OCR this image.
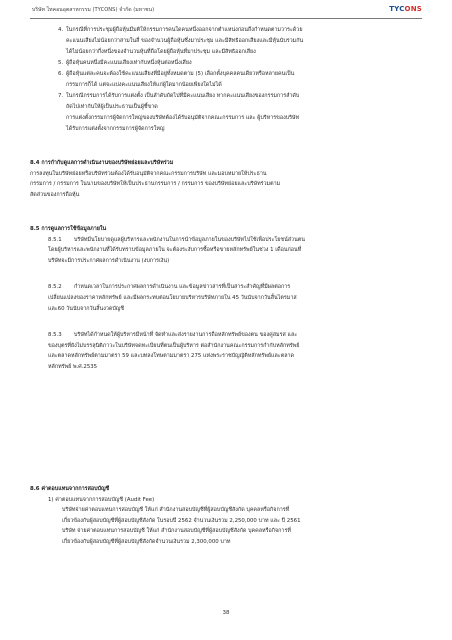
บริษัท ไทคอนอุตสาหกรรม (TYCONS) จำกัด (มหาชน)	TYCONS
4. ในกรณีที่การประชุมผู้ถือหุ้นมีมติให้กรรมการคนใดคนหนึ่งออกจากตำแหน่งก่อนถึงกำหนดตามวาระด้วย
คะแนนเสียงไม่น้อยกว่าสามในสี่ ของจำนวนผู้ถือหุ้นซึ่งมาประชุม และมีสิทธิออกเสียงและมีหุ้นนับรวมกัน
ได้ไม่น้อยกว่ากึ่งหนึ่งของจำนวนหุ้นที่ถือโดยผู้ถือหุ้นที่มาประชุม และมีสิทธิออกเสียง
5. ผู้ถือหุ้นคนหนึ่งมีคะแนนเสียงเท่ากับหนึ่งหุ้นต่อหนึ่งเสียง
6. ผู้ถือหุ้นแต่ละคนจะต้องใช้คะแนนเสียงที่มีอยู่ทั้งหมดตาม (5) เลือกตั้งบุคคลคนเดียวหรือหลายคนเป็น
กรรมการก็ได้ แต่จะแบ่งคะแนนเสียงให้แก่ผู้ใดมากน้อยเพียงใดไม่ได้
7. ในกรณีกรรมการได้รับการแต่งตั้ง เป็นลำดับถัดไปที่มีคะแนนเสียง หากคะแนนเสียงของกรรมการลำดับ
ถัดไปเท่ากันให้ผู้เป็นประธานเป็นผู้ชี้ขาด
การแต่งตั้งกรรมการผู้จัดการใหญ่ของบริษัทต้องได้รับอนุมัติจากคณะกรรมการ และ ผู้บริหารของบริษัท
ได้รับการแต่งตั้งจากกรรมการผู้จัดการใหญ่
8.4 การกำกับดูแลการดำเนินงานของบริษัทย่อยและบริษัทร่วม
การลงทุนในบริษัทย่อยหรือบริษัทร่วมต้องได้รับอนุมัติจากคณะกรรมการบริษัท และมอบหมายให้ประธาน
กรรมการ / กรรมการ ในนามของบริษัทให้เป็นประธานกรรมการ / กรรมการ ของบริษัทย่อยและบริษัทร่วมตาม
สัดส่วนของการถือหุ้น
8.5 การดูแลการใช้ข้อมูลภายใน
8.5.1 บริษัทมีนโยบายดูแลผู้บริหารและพนักงานในการนำข้อมูลภายในของบริษัทไปใช้เพื่อประโยชน์ส่วนตน
โดยผู้บริหารและพนักงานที่ได้รับทราบข้อมูลภายใน จะต้องระงับการซื้อหรือขายหลักทรัพย์ในช่วง 1 เดือนก่อนที่
บริษัทจะมีการประกาศผลการดำเนินงาน (งบการเงิน)
8.5.2 กำหนดเวลาในการประกาศผลการดำเนินงาน และข้อมูลข่าวสารที่เป็นสาระสำคัญที่มีผลต่อการ
เปลี่ยนแปลงของราคาหลักทรัพย์ และมีผลกระทบต่อนโยบายบริหารบริษัทภายใน 45 วันนับจากวันสิ้นไตรมาส
และ60 วันนับจากวันสิ้นงวดบัญชี
8.5.3 บริษัทได้กำหนดให้ผู้บริหารมีหน้าที่ จัดทำและส่งรายงานการถือหลักทรัพย์ของตน ของคู่สมรส และ
ของบุตรที่ยังไม่บรรลุนิติภาวะในบริษัทจดทะเบียนที่ตนเป็นผู้บริหาร ต่อสำนักงานคณะกรรมการกำกับหลักทรัพย์
และตลาดหลักทรัพย์ตามมาตรา 59 และบทลงโทษตามมาตรา 275 แห่งพระราชบัญญัติหลักทรัพย์และตลาด
หลักทรัพย์ พ.ศ.2535
8.6 ค่าตอบแทนจากการสอบบัญชี
1) ค่าตอบแทนจากการสอบบัญชี (Audit Fee)
บริษัทจ่ายค่าตอบแทนการสอบบัญชี ให้แก่ สำนักงานสอบบัญชีที่ผู้สอบบัญชีสังกัด บุคคลหรือกิจการที่
เกี่ยวข้องกับผู้สอบบัญชีที่ผู้สอบบัญชีสังกัด ในรอบปี 2562 จำนวนเงินรวม 2,250,000 บาท และ ปี 2561
บริษัท จ่ายค่าตอบแทนการสอบบัญชี ให้แก่ สำนักงานสอบบัญชีที่ผู้สอบบัญชีสังกัด บุคคลหรือกิจการที่
เกี่ยวข้องกับผู้สอบบัญชีที่ผู้สอบบัญชีสังกัดจำนวนเงินรวม 2,300,000 บาท
38
